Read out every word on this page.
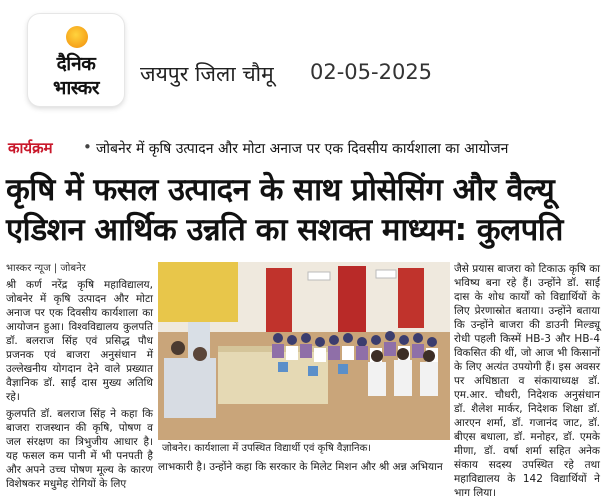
दैनिक
भास्कर
जयपुर जिला चौमू 02-05-2025
कार्यक्रम • जोबनेर में कृषि उत्पादन और मोटा अनाज पर एक दिवसीय कार्यशाला का आयोजन
कृषि में फसल उत्पादन के साथ प्रोसेसिंग और वैल्यू
एडिशन आर्थिक उन्नति का सशक्त माध्यम: कुलपति
भास्कर न्यूज | जोबनेर

श्री कर्ण नरेंद्र कृषि महाविद्यालय, जोबनेर में कृषि उत्पादन और मोटा अनाज पर एक दिवसीय कार्यशाला का आयोजन हुआ। विश्वविद्यालय कुलपति डॉ. बलराज सिंह एवं प्रसिद्ध पौध प्रजनक एवं बाजरा अनुसंधान में उल्लेखनीय योगदान देने वाले प्रख्यात वैज्ञानिक डॉ. साईं दास मुख्य अतिथि रहे।

कुलपति डॉ. बलराज सिंह ने कहा कि बाजरा राजस्थान की कृषि, पोषण व जल संरक्षण का त्रिभुजीय आधार है। यह फसल कम पानी में भी पनपती है और अपने उच्च पोषण मूल्य के कारण विशेषकर मधुमेह रोगियों के लिए

जोबनेर। कार्यशाला में उपस्थित विद्यार्थी एवं कृषि वैज्ञानिक।

लाभकारी है। उन्होंने कहा कि सरकार के मिलेट मिशन और श्री अन्न अभियान

जैसे प्रयास बाजरा को टिकाऊ कृषि का भविष्य बना रहे हैं। उन्होंने डॉ. साईं दास के शोध कार्यों को विद्यार्थियों के लिए प्रेरणास्रोत बताया। उन्होंने बताया कि उन्होंने बाजरा की डाउनी मिल्ड्यू रोधी पहली किस्में HB-3 और HB-4 विकसित की थीं, जो आज भी किसानों के लिए अत्यंत उपयोगी हैं। इस अवसर पर अधिष्ठाता व संकायाध्यक्ष डॉ. एम.आर. चौधरी, निदेशक अनुसंधान डॉ. शैलेश मार्कर, निदेशक शिक्षा डॉ. आरएन शर्मा, डॉ. गजानंद जाट, डॉ. बीएस बधाला, डॉ. मनोहर, डॉ. एमके मीणा, डॉ. वर्षा शर्मा सहित अनेक संकाय सदस्य उपस्थित रहे तथा महाविद्यालय के 142 विद्यार्थियों ने भाग लिया।
